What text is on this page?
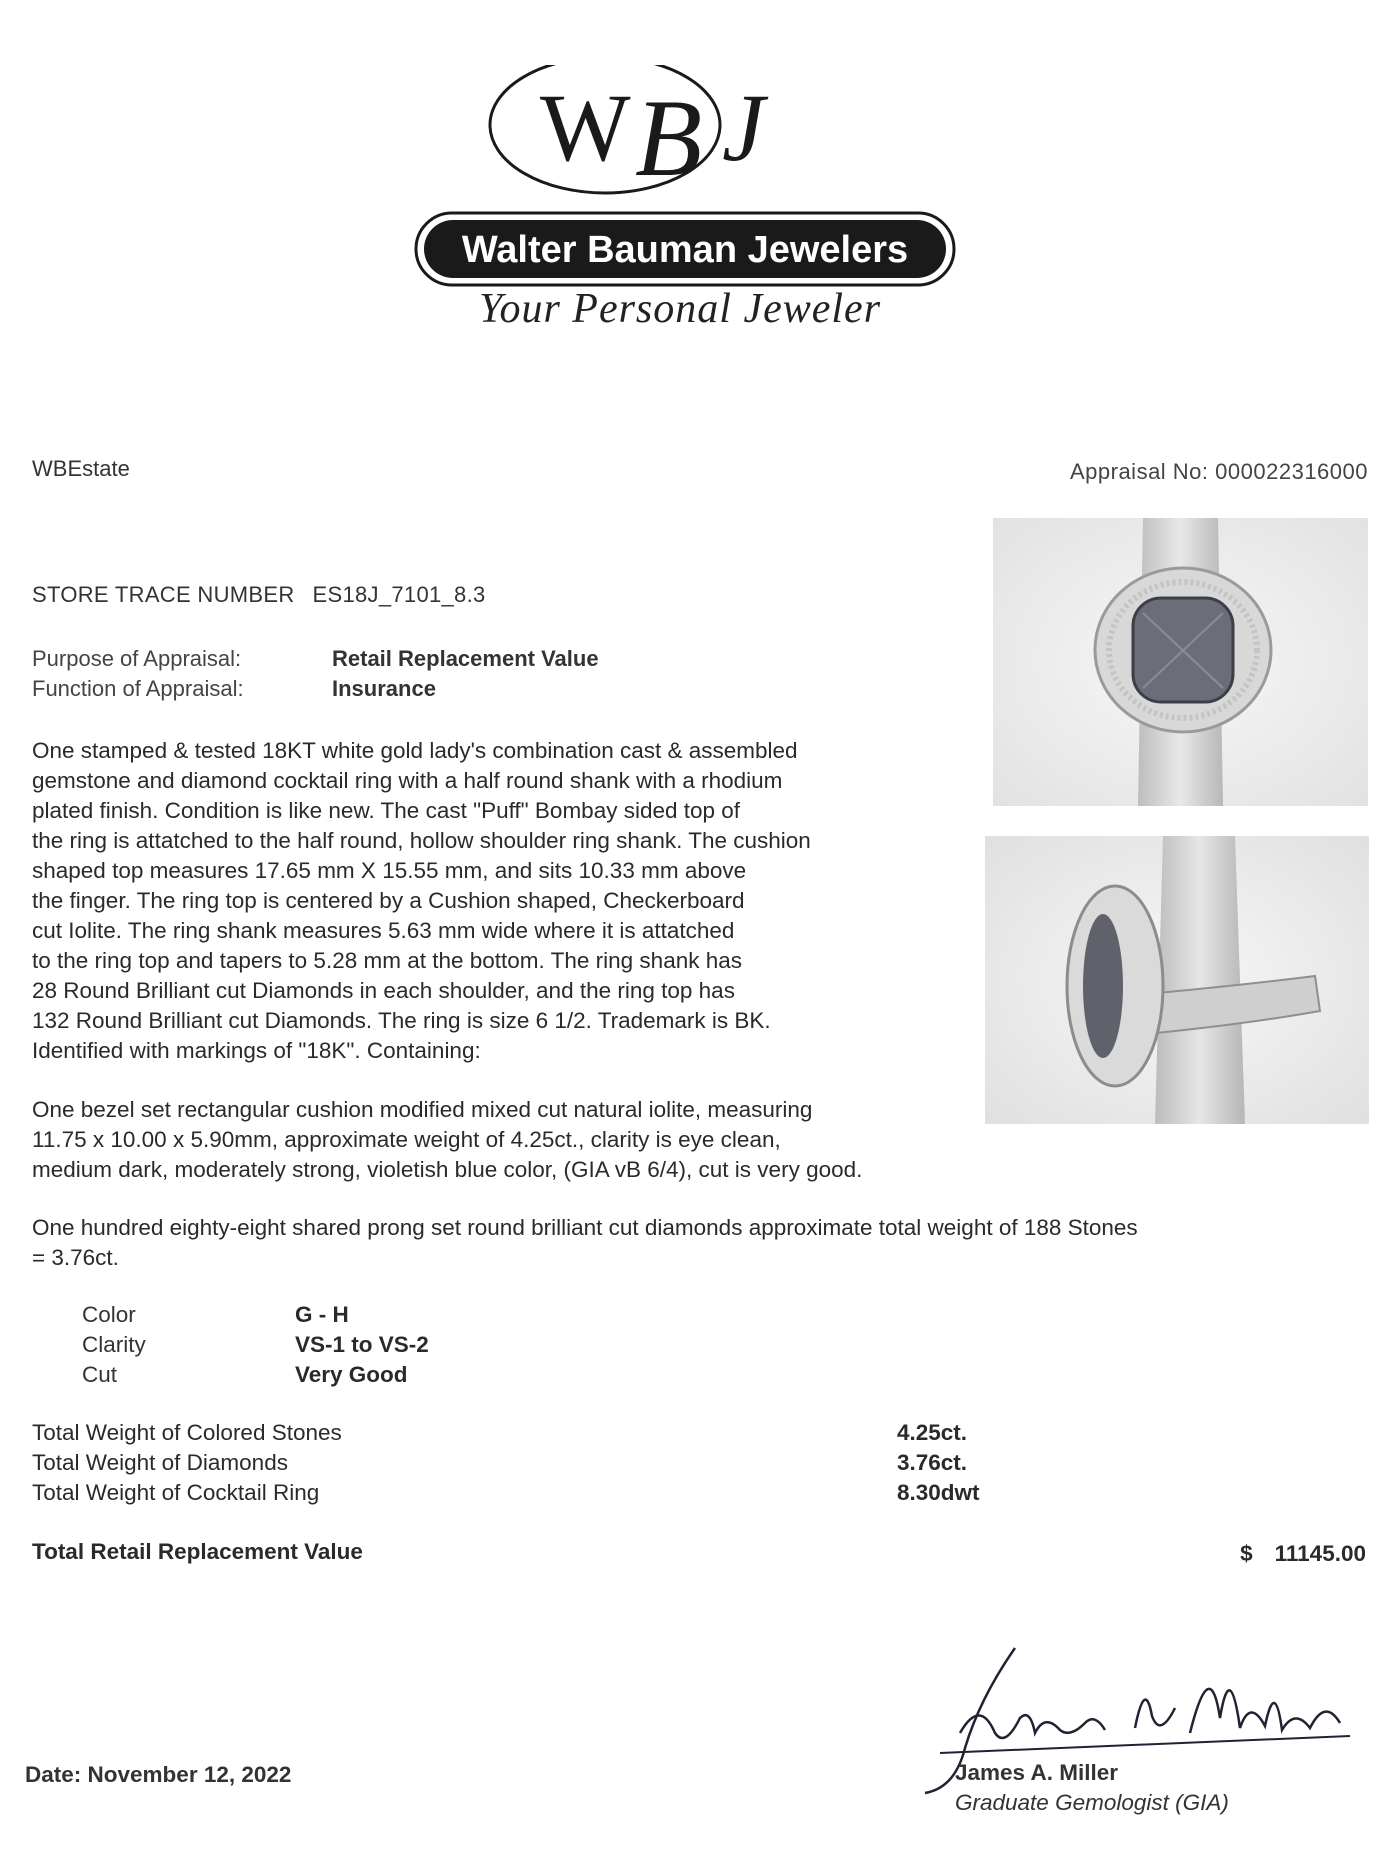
W B J
Walter Bauman Jewelers
Your Personal Jeweler
WBEstate	Appraisal No: 000022316000
STORE TRACE NUMBER ES18J_7101_8.3
Purpose of Appraisal:	Retail Replacement Value
Function of Appraisal:	Insurance
One stamped & tested 18KT white gold lady's combination cast & assembled
gemstone and diamond cocktail ring with a half round shank with a rhodium
plated finish. Condition is like new. The cast "Puff" Bombay sided top of
the ring is attatched to the half round, hollow shoulder ring shank. The cushion
shaped top measures 17.65 mm X 15.55 mm, and sits 10.33 mm above
the finger. The ring top is centered by a Cushion shaped, Checkerboard
cut Iolite. The ring shank measures 5.63 mm wide where it is attatched
to the ring top and tapers to 5.28 mm at the bottom. The ring shank has
28 Round Brilliant cut Diamonds in each shoulder, and the ring top has
132 Round Brilliant cut Diamonds. The ring is size 6 1/2. Trademark is BK.
Identified with markings of "18K". Containing:
One bezel set rectangular cushion modified mixed cut natural iolite, measuring
11.75 x 10.00 x 5.90mm, approximate weight of 4.25ct., clarity is eye clean,
medium dark, moderately strong, violetish blue color, (GIA vB 6/4), cut is very good.
One hundred eighty-eight shared prong set round brilliant cut diamonds approximate total weight of 188 Stones
= 3.76ct.
Color	G - H
Clarity	VS-1 to VS-2
Cut	Very Good
Total Weight of Colored Stones	4.25ct.
Total Weight of Diamonds	3.76ct.
Total Weight of Cocktail Ring	8.30dwt
Total Retail Replacement Value	$ 11145.00
James A. Miller
Graduate Gemologist (GIA)
Date: November 12, 2022
